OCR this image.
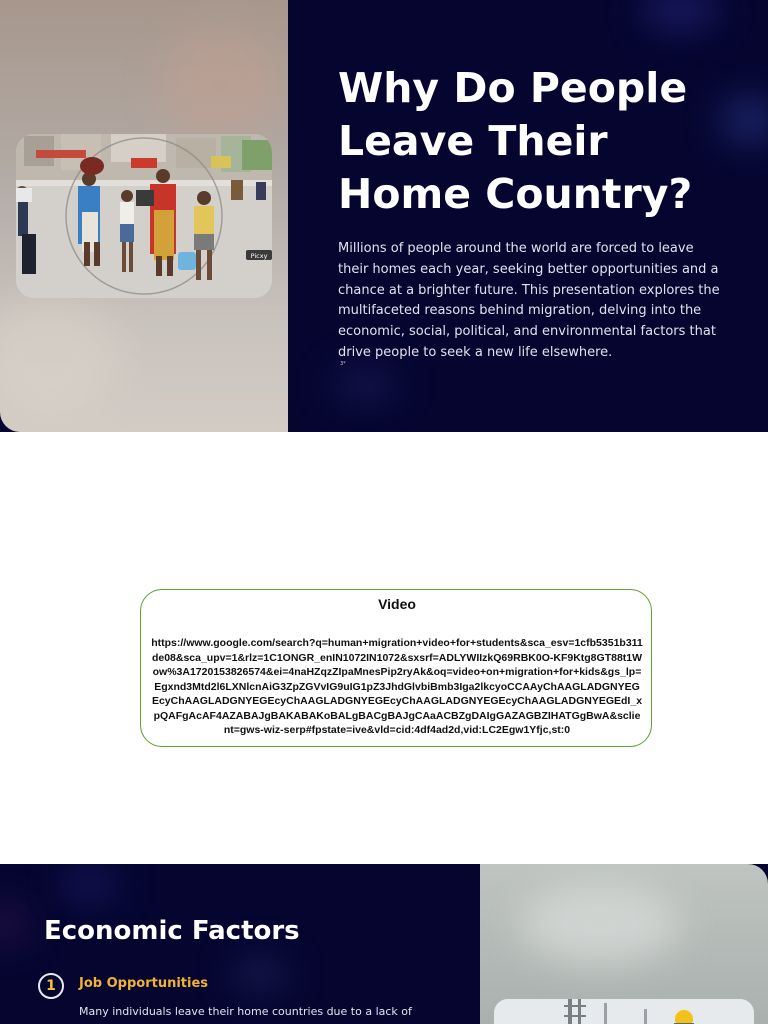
Picxy
Why Do People Leave Their Home Country?
Millions of people around the world are forced to leave their homes each year, seeking better opportunities and a chance at a brighter future. This presentation explores the multifaceted reasons behind migration, delving into the economic, social, political, and environmental factors that drive people to seek a new life elsewhere.
3*
Video
https://www.google.com/search?q=human+migration+video+for+students&sca_esv=1cfb5351b311de08&sca_upv=1&rlz=1C1ONGR_enIN1072IN1072&sxsrf=ADLYWIIzkQ69RBK0O-KF9Ktg8GT88t1Wow%3A1720153826574&ei=4naHZqzZIpaMnesPip2ryAk&oq=video+on+migration+for+kids&gs_lp=Egxnd3Mtd2l6LXNlcnAiG3ZpZGVvIG9uIG1pZ3JhdGlvbiBmb3Iga2lkcyoCCAAyChAAGLADGNYEGEcyChAAGLADGNYEGEcyChAAGLADGNYEGEcyChAAGLADGNYEGEcyChAAGLADGNYEGEdI_xpQAFgAcAF4AZABAJgBAKABAKoBALgBACgBAJgCAaACBZgDAIgGAZAGBZIHATGgBwA&sclient=gws-wiz-serp#fpstate=ive&vld=cid:4df4ad2d,vid:LC2Egw1Yfjc,st:0
Economic Factors
1	Job Opportunities
Many individuals leave their home countries due to a lack of
